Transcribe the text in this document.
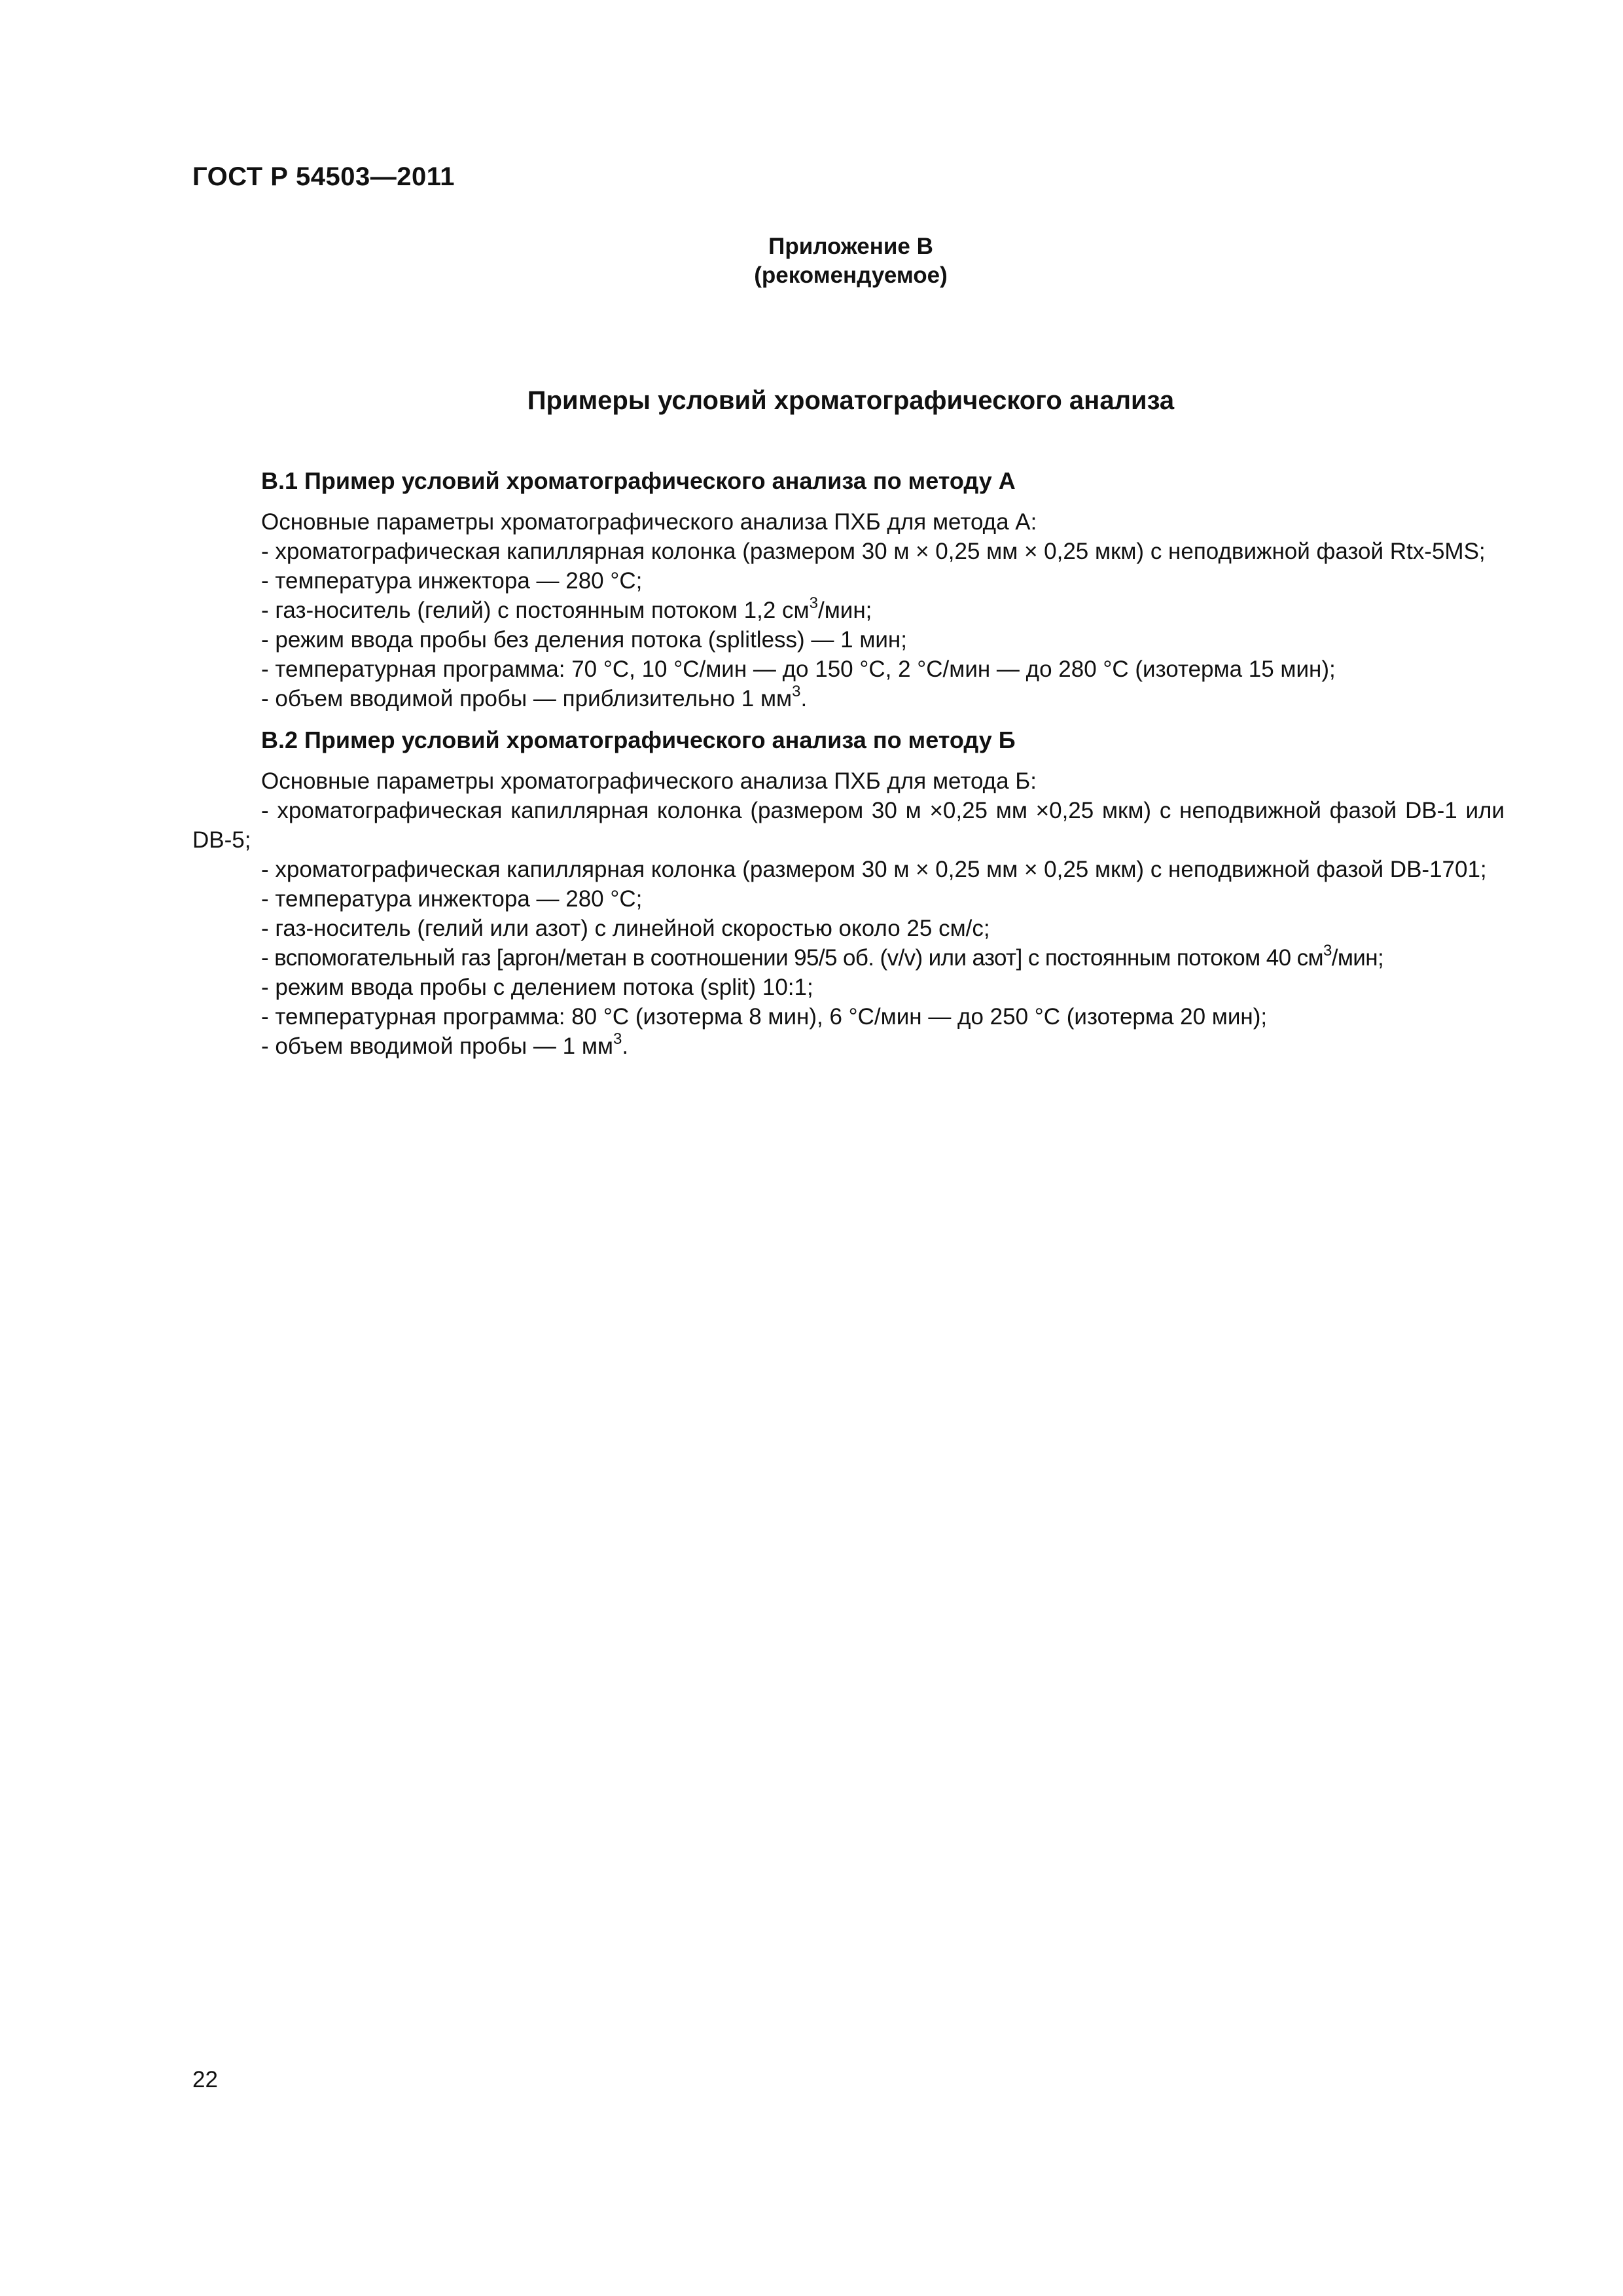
ГОСТ Р 54503—2011
Приложение В
(рекомендуемое)
Примеры условий хроматографического анализа

В.1 Пример условий хроматографического анализа по методу А

Основные параметры хроматографического анализа ПХБ для метода А:

- хроматографическая капиллярная колонка (размером 30 м × 0,25 мм × 0,25 мкм) с неподвижной фазой Rtx-5MS;

- температура инжектора — 280 °С;

- газ-носитель (гелий) с постоянным потоком 1,2 $см^3$/мин;

- режим ввода пробы без деления потока (splitless) — 1 мин;

- температурная программа: 70 °С, 10 °С/мин — до 150 °С, 2 °С/мин — до 280 °С (изотерма 15 мин);

- объем вводимой пробы — приблизительно 1 $мм^3$.

В.2 Пример условий хроматографического анализа по методу Б

Основные параметры хроматографического анализа ПХБ для метода Б:

- хроматографическая капиллярная колонка (размером 30 м ×0,25 мм ×0,25 мкм) с неподвижной фазой DB-1 или DB-5;

- хроматографическая капиллярная колонка (размером 30 м × 0,25 мм × 0,25 мкм) с неподвижной фазой DB-1701;

- температура инжектора — 280 °С;

- газ-носитель (гелий или азот) с линейной скоростью около 25 см/с;

- вспомогательный газ [аргон/метан в соотношении 95/5 об. (v/v) или азот] с постоянным потоком 40 $см^3$/мин;

- режим ввода пробы с делением потока (split) 10:1;

- температурная программа: 80 °С (изотерма 8 мин), 6 °С/мин — до 250 °С (изотерма 20 мин);

- объем вводимой пробы — 1 $мм^3$.

22
